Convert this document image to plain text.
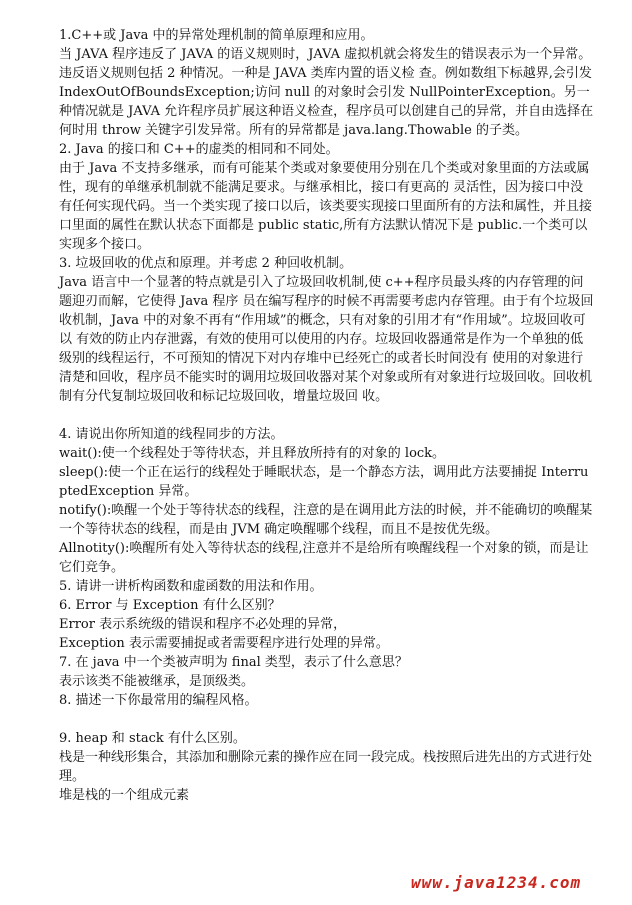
1.C++或 Java 中的异常处理机制的简单原理和应用。

当 JAVA 程序违反了 JAVA 的语义规则时，JAVA 虚拟机就会将发生的错误表示为一个异常。违反语义规则包括 2 种情况。一种是 JAVA 类库内置的语义检 查。例如数组下标越界,会引发 IndexOutOfBoundsException;访问 null 的对象时会引发 NullPointerException。另一种情况就是 JAVA 允许程序员扩展这种语义检查，程序员可以创建自己的异常，并自由选择在何时用 throw 关键字引发异常。所有的异常都是 java.lang.Thowable 的子类。

2. Java 的接口和 C++的虚类的相同和不同处。

由于 Java 不支持多继承，而有可能某个类或对象要使用分别在几个类或对象里面的方法或属性，现有的单继承机制就不能满足要求。与继承相比，接口有更高的 灵活性，因为接口中没有任何实现代码。当一个类实现了接口以后，该类要实现接口里面所有的方法和属性，并且接口里面的属性在默认状态下面都是 public static,所有方法默认情况下是 public.一个类可以实现多个接口。

3. 垃圾回收的优点和原理。并考虑 2 种回收机制。

Java 语言中一个显著的特点就是引入了垃圾回收机制,使 c++程序员最头疼的内存管理的问题迎刃而解，它使得 Java 程序 员在编写程序的时候不再需要考虑内存管理。由于有个垃圾回收机制，Java 中的对象不再有“作用域”的概念，只有对象的引用才有“作用域”。垃圾回收可以 有效的防止内存泄露，有效的使用可以使用的内存。垃圾回收器通常是作为一个单独的低级别的线程运行，不可预知的情况下对内存堆中已经死亡的或者长时间没有 使用的对象进行清楚和回收，程序员不能实时的调用垃圾回收器对某个对象或所有对象进行垃圾回收。回收机制有分代复制垃圾回收和标记垃圾回收，增量垃圾回 收。

4. 请说出你所知道的线程同步的方法。

wait():使一个线程处于等待状态，并且释放所持有的对象的 lock。

sleep():使一个正在运行的线程处于睡眠状态，是一个静态方法，调用此方法要捕捉 InterruptedException 异常。

notify():唤醒一个处于等待状态的线程，注意的是在调用此方法的时候，并不能确切的唤醒某一个等待状态的线程，而是由 JVM 确定唤醒哪个线程，而且不是按优先级。

Allnotity():唤醒所有处入等待状态的线程,注意并不是给所有唤醒线程一个对象的锁，而是让它们竞争。

5. 请讲一讲析构函数和虚函数的用法和作用。

6. Error 与 Exception 有什么区别？

Error 表示系统级的错误和程序不必处理的异常，

Exception 表示需要捕捉或者需要程序进行处理的异常。

7. 在 java 中一个类被声明为 final 类型，表示了什么意思？

表示该类不能被继承，是顶级类。

8. 描述一下你最常用的编程风格。

9. heap 和 stack 有什么区别。

栈是一种线形集合，其添加和删除元素的操作应在同一段完成。栈按照后进先出的方式进行处理。

堆是栈的一个组成元素

www.java1234.com
